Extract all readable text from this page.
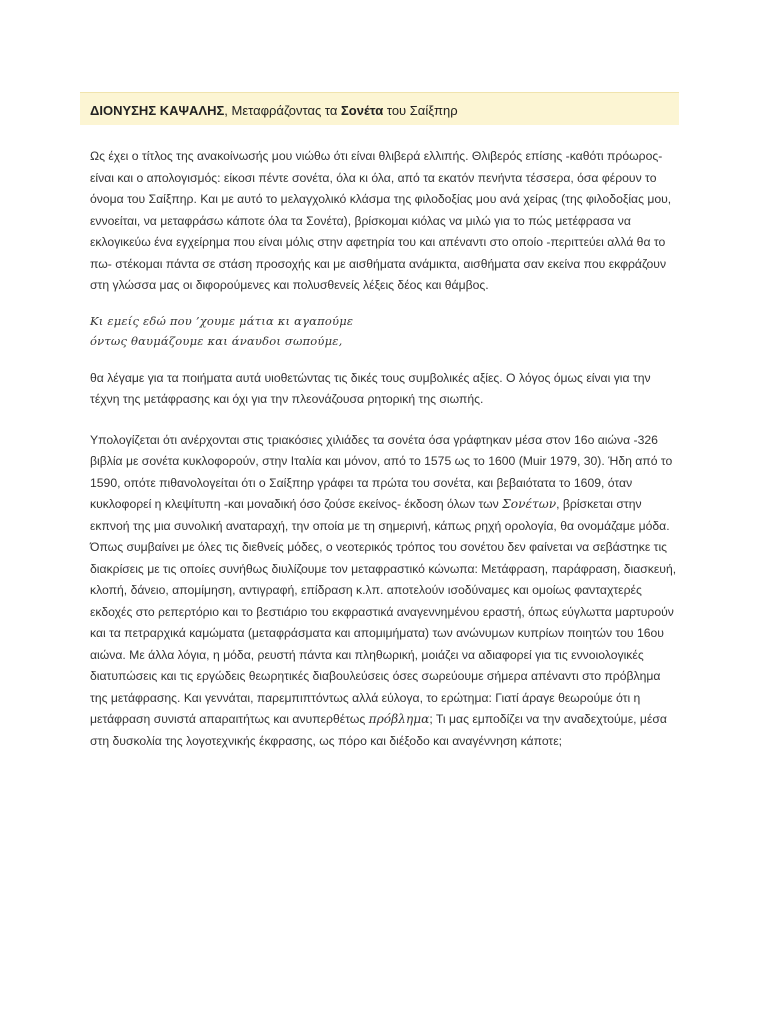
ΔΙΟΝΥΣΗΣ ΚΑΨΑΛΗΣ, Μεταφράζοντας τα Σονέτα του Σαίξπηρ

Ως έχει ο τίτλος της ανακοίνωσής μου νιώθω ότι είναι θλιβερά ελλιπής. Θλιβερός επίσης -καθότι πρόωρος- είναι και ο απολογισμός: είκοσι πέντε σονέτα, όλα κι όλα, από τα εκατόν πενήντα τέσσερα, όσα φέρουν το όνομα του Σαίξπηρ. Και με αυτό το μελαγχολικό κλάσμα της φιλοδοξίας μου ανά χείρας (της φιλοδοξίας μου, εννοείται, να μεταφράσω κάποτε όλα τα Σονέτα), βρίσκομαι κιόλας να μιλώ για το πώς μετέφρασα να εκλογικεύω ένα εγχείρημα που είναι μόλις στην αφετηρία του και απέναντι στο οποίο -περιττεύει αλλά θα το πω- στέκομαι πάντα σε στάση προσοχής και με αισθήματα ανάμικτα, αισθήματα σαν εκείνα που εκφράζουν στη γλώσσα μας οι διφορούμενες και πολυσθενείς λέξεις δέος και θάμβος.

Κι εμείς εδώ που ’χουμε μάτια κι αγαπούμε
όντως θαυμάζουμε και άναυδοι σωπούμε,

θα λέγαμε για τα ποιήματα αυτά υιοθετώντας τις δικές τους συμβολικές αξίες. Ο λόγος όμως είναι για την τέχνη της μετάφρασης και όχι για την πλεονάζουσα ρητορική της σιωπής.

Υπολογίζεται ότι ανέρχονται στις τριακόσιες χιλιάδες τα σονέτα όσα γράφτηκαν μέσα στον 16ο αιώνα -326 βιβλία με σονέτα κυκλοφορούν, στην Ιταλία και μόνον, από το 1575 ως το 1600 (Muir 1979, 30). Ήδη από το 1590, οπότε πιθανολογείται ότι ο Σαίξπηρ γράφει τα πρώτα του σονέτα, και βεβαιότατα το 1609, όταν κυκλοφορεί η κλεψίτυπη -και μοναδική όσο ζούσε εκείνος- έκδοση όλων των Σονέτων, βρίσκεται στην εκπνοή της μια συνολική αναταραχή, την οποία με τη σημερινή, κάπως ρηχή ορολογία, θα ονομάζαμε μόδα. Όπως συμβαίνει με όλες τις διεθνείς μόδες, ο νεοτερικός τρόπος του σονέτου δεν φαίνεται να σεβάστηκε τις διακρίσεις με τις οποίες συνήθως διυλίζουμε τον μεταφραστικό κώνωπα: Μετάφραση, παράφραση, διασκευή, κλοπή, δάνειο, απομίμηση, αντιγραφή, επίδραση κ.λπ. αποτελούν ισοδύναμες και ομοίως φανταχτερές εκδοχές στο ρεπερτόριο και το βεστιάριο του εκφραστικά αναγεννημένου εραστή, όπως εύγλωττα μαρτυρούν και τα πετραρχικά καμώματα (μεταφράσματα και απομιμήματα) των ανώνυμων κυπρίων ποιητών του 16ου αιώνα. Με άλλα λόγια, η μόδα, ρευστή πάντα και πληθωρική, μοιάζει να αδιαφορεί για τις εννοιολογικές διατυπώσεις και τις εργώδεις θεωρητικές διαβουλεύσεις όσες σωρεύουμε σήμερα απέναντι στο πρόβλημα της μετάφρασης. Και γεννάται, παρεμπιπτόντως αλλά εύλογα, το ερώτημα: Γιατί άραγε θεωρούμε ότι η μετάφραση συνιστά απαραιτήτως και ανυπερθέτως πρόβλημα; Τι μας εμποδίζει να την αναδεχτούμε, μέσα στη δυσκολία της λογοτεχνικής έκφρασης, ως πόρο και διέξοδο και αναγέννηση κάποτε;
